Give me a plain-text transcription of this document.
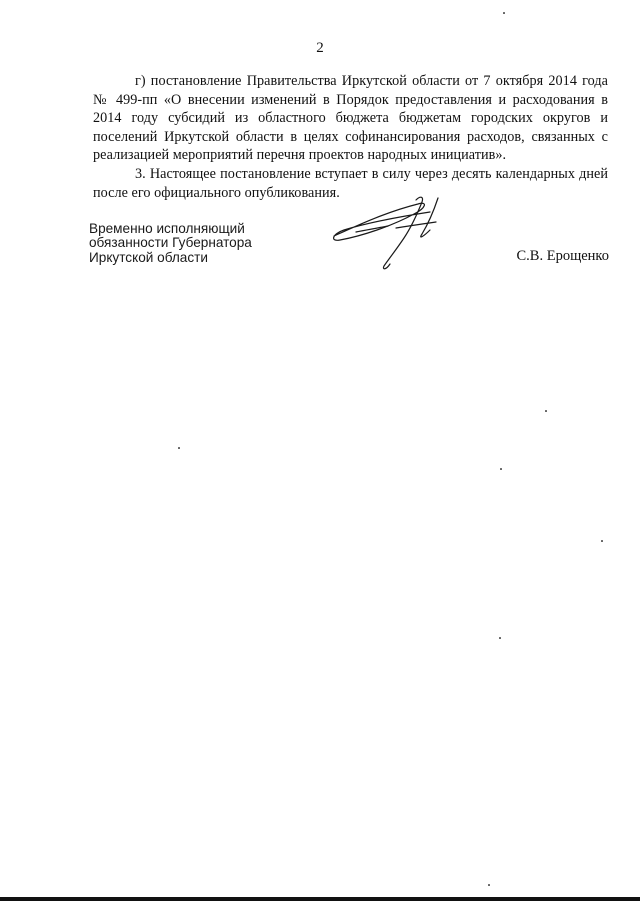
2

г) постановление Правительства Иркутской области от 7 октября 2014 года № 499-пп «О внесении изменений в Порядок предоставления и расходования в 2014 году субсидий из областного бюджета бюджетам городских округов и поселений Иркутской области в целях софинансирования расходов, связанных с реализацией мероприятий перечня проектов народных инициатив».

3. Настоящее постановление вступает в силу через десять календарных дней после его официального опубликования.

Временно исполняющий
обязанности Губернатора
Иркутской области	С.В. Ерощенко
